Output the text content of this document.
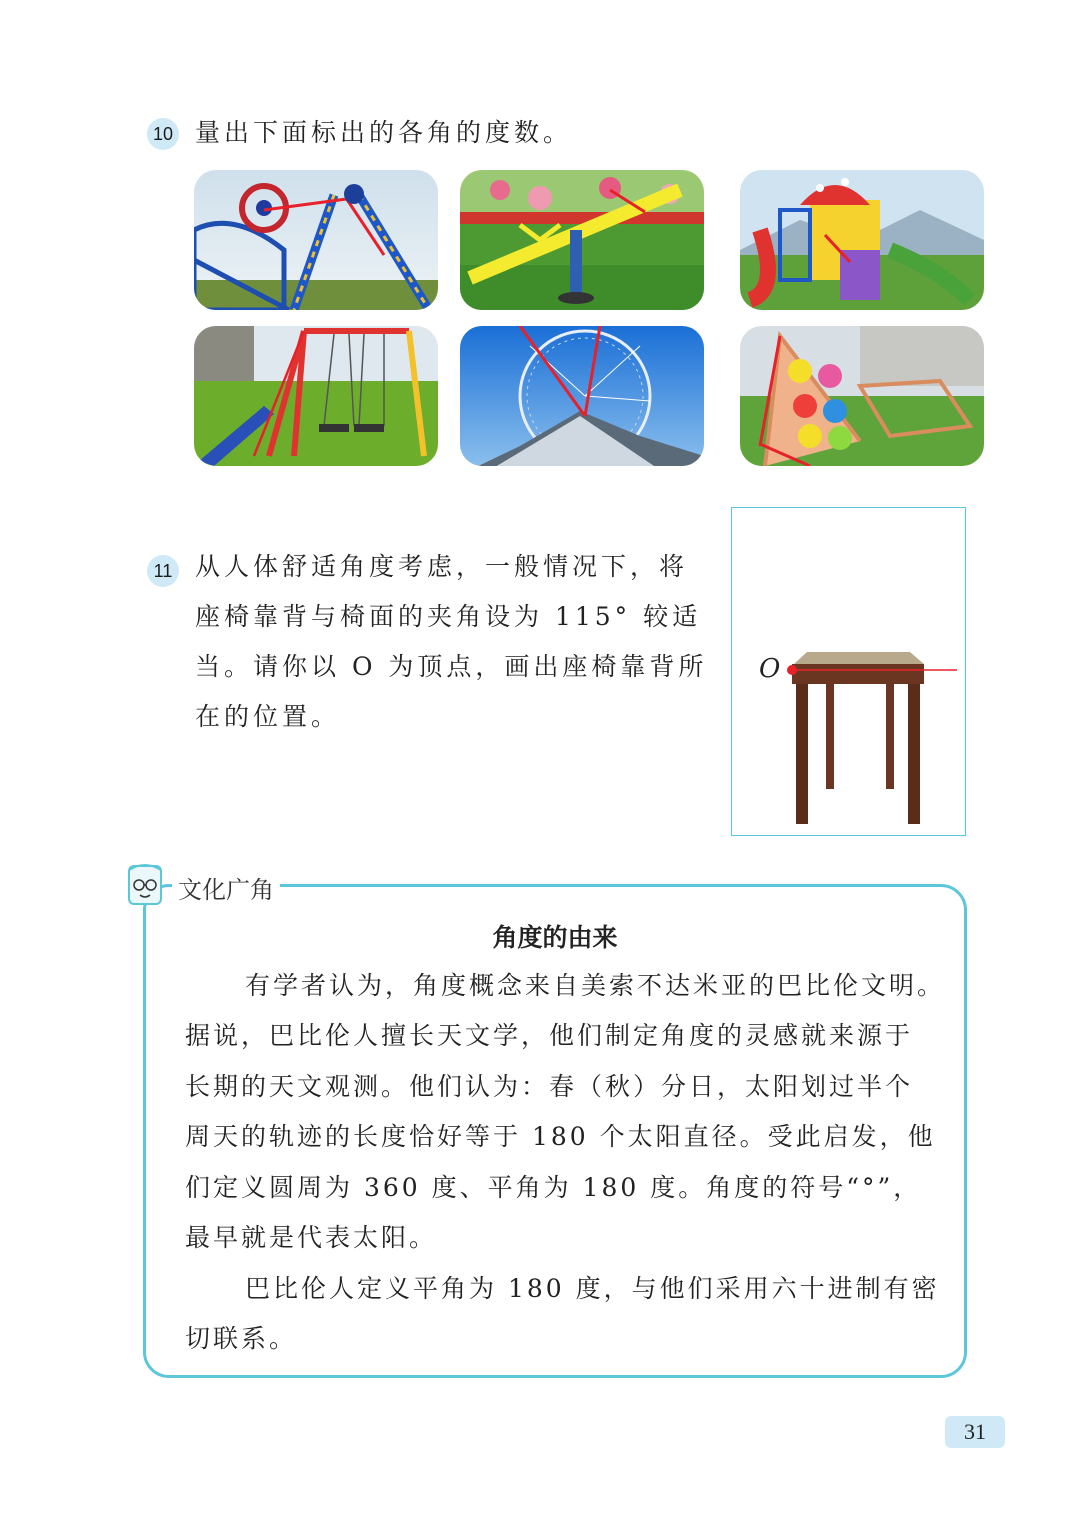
10 量出下面标出的各角的度数。
11 从人体舒适角度考虑，一般情况下，将
座椅靠背与椅面的夹角设为 115° 较适
当。请你以 O 为顶点，画出座椅靠背所
在的位置。
O
文化广角
角度的由来
有学者认为，角度概念来自美索不达米亚的巴比伦文明。
据说，巴比伦人擅长天文学，他们制定角度的灵感就来源于
长期的天文观测。他们认为：春（秋）分日，太阳划过半个
周天的轨迹的长度恰好等于 180 个太阳直径。受此启发，他
们定义圆周为 360 度、平角为 180 度。角度的符号“°”，
最早就是代表太阳。
巴比伦人定义平角为 180 度，与他们采用六十进制有密
切联系。
31
